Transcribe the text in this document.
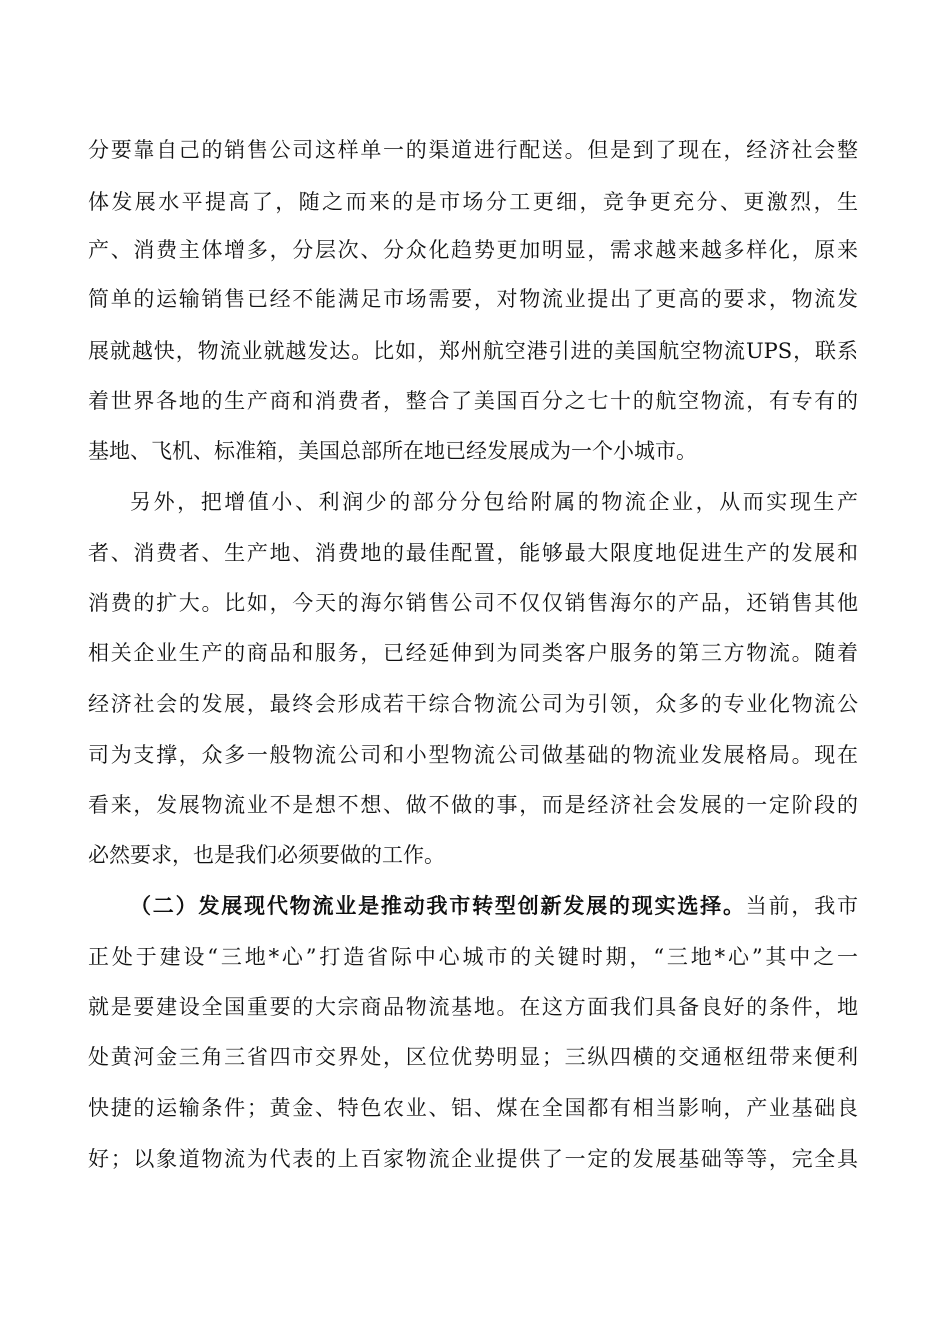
分要靠自己的销售公司这样单一的渠道进行配送。但是到了现在，经济社会整
体发展水平提高了，随之而来的是市场分工更细，竞争更充分、更激烈，生
产、消费主体增多，分层次、分众化趋势更加明显，需求越来越多样化，原来
简单的运输销售已经不能满足市场需要，对物流业提出了更高的要求，物流发
展就越快，物流业就越发达。比如，郑州航空港引进的美国航空物流UPS，联系
着世界各地的生产商和消费者，整合了美国百分之七十的航空物流，有专有的
基地、飞机、标准箱，美国总部所在地已经发展成为一个小城市。
另外，把增值小、利润少的部分分包给附属的物流企业，从而实现生产
者、消费者、生产地、消费地的最佳配置，能够最大限度地促进生产的发展和
消费的扩大。比如，今天的海尔销售公司不仅仅销售海尔的产品，还销售其他
相关企业生产的商品和服务，已经延伸到为同类客户服务的第三方物流。随着
经济社会的发展，最终会形成若干综合物流公司为引领，众多的专业化物流公
司为支撑，众多一般物流公司和小型物流公司做基础的物流业发展格局。现在
看来，发展物流业不是想不想、做不做的事，而是经济社会发展的一定阶段的
必然要求，也是我们必须要做的工作。
（二）发展现代物流业是推动我市转型创新发展的现实选择。当前，我市
正处于建设“三地*心”打造省际中心城市的关键时期，“三地*心”其中之一
就是要建设全国重要的大宗商品物流基地。在这方面我们具备良好的条件，地
处黄河金三角三省四市交界处，区位优势明显；三纵四横的交通枢纽带来便利
快捷的运输条件；黄金、特色农业、铝、煤在全国都有相当影响，产业基础良
好；以象道物流为代表的上百家物流企业提供了一定的发展基础等等，完全具
